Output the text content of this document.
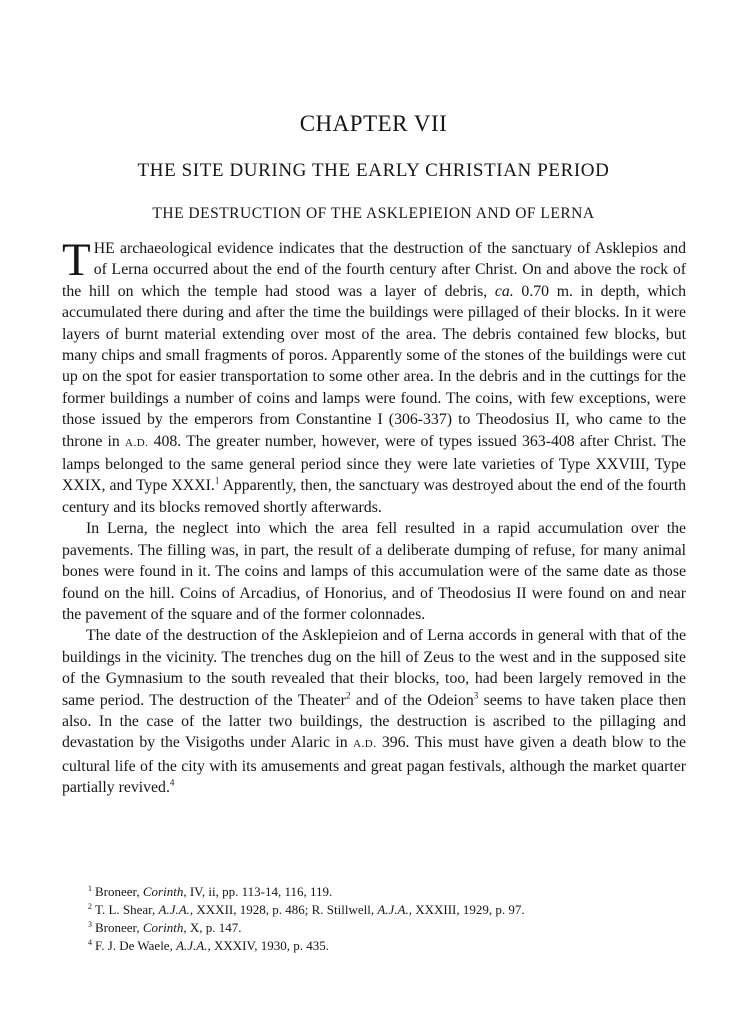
CHAPTER VII
THE SITE DURING THE EARLY CHRISTIAN PERIOD
THE DESTRUCTION OF THE ASKLEPIEION AND OF LERNA

THE archaeological evidence indicates that the destruction of the sanctuary of Asklepios and of Lerna occurred about the end of the fourth century after Christ. On and above the rock of the hill on which the temple had stood was a layer of debris, ca. 0.70 m. in depth, which accumulated there during and after the time the buildings were pillaged of their blocks. In it were layers of burnt material extending over most of the area. The debris contained few blocks, but many chips and small fragments of poros. Apparently some of the stones of the buildings were cut up on the spot for easier transportation to some other area. In the debris and in the cuttings for the former buildings a number of coins and lamps were found. The coins, with few exceptions, were those issued by the emperors from Constantine I (306-337) to Theodosius II, who came to the throne in A.D. 408. The greater number, however, were of types issued 363-408 after Christ. The lamps belonged to the same general period since they were late varieties of Type XXVIII, Type XXIX, and Type XXXI.$^1$ Apparently, then, the sanctuary was destroyed about the end of the fourth century and its blocks removed shortly afterwards.

In Lerna, the neglect into which the area fell resulted in a rapid accumulation over the pavements. The filling was, in part, the result of a deliberate dumping of refuse, for many animal bones were found in it. The coins and lamps of this accumulation were of the same date as those found on the hill. Coins of Arcadius, of Honorius, and of Theodosius II were found on and near the pavement of the square and of the former colonnades.

The date of the destruction of the Asklepieion and of Lerna accords in general with that of the buildings in the vicinity. The trenches dug on the hill of Zeus to the west and in the supposed site of the Gymnasium to the south revealed that their blocks, too, had been largely removed in the same period. The destruction of the Theater$^2$ and of the Odeion$^3$ seems to have taken place then also. In the case of the latter two buildings, the destruction is ascribed to the pillaging and devastation by the Visigoths under Alaric in A.D. 396. This must have given a death blow to the cultural life of the city with its amusements and great pagan festivals, although the market quarter partially revived.$^4$

$^1$ Broneer, Corinth, IV, ii, pp. 113-14, 116, 119.
$^2$ T. L. Shear, A.J.A., XXXII, 1928, p. 486; R. Stillwell, A.J.A., XXXIII, 1929, p. 97.
$^3$ Broneer, Corinth, X, p. 147.
$^4$ F. J. De Waele, A.J.A., XXXIV, 1930, p. 435.
